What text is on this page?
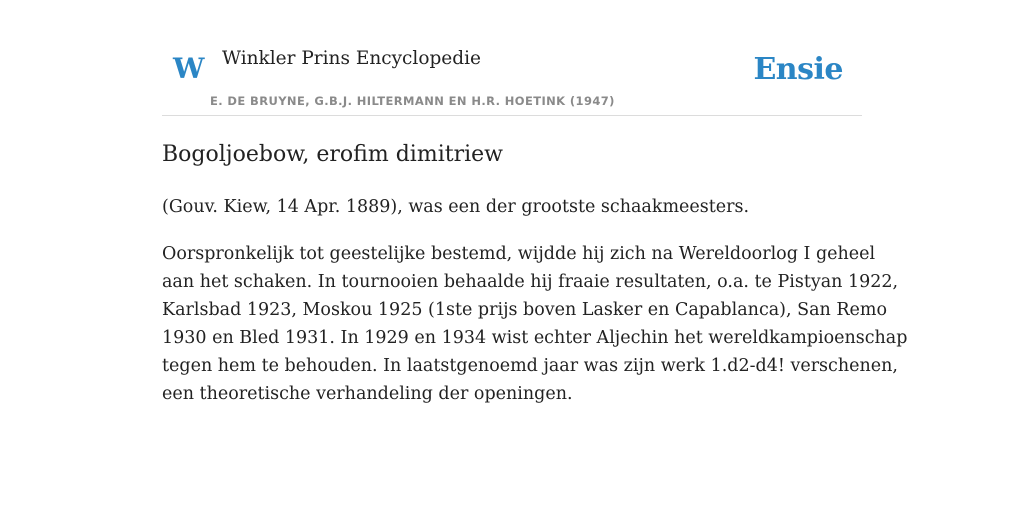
W Winkler Prins Encyclopedie
E. DE BRUYNE, G.B.J. HILTERMANN EN H.R. HOETINK (1947)
Ensie
Bogoljoebow, erofim dimitriew

(Gouv. Kiew, 14 Apr. 1889), was een der grootste schaakmeesters.

Oorspronkelijk tot geestelijke bestemd, wijdde hij zich na Wereldoorlog I geheel
aan het schaken. In tournooien behaalde hij fraaie resultaten, o.a. te Pistyan 1922,
Karlsbad 1923, Moskou 1925 (1ste prijs boven Lasker en Capablanca), San Remo
1930 en Bled 1931. In 1929 en 1934 wist echter Aljechin het wereldkampioenschap
tegen hem te behouden. In laatstgenoemd jaar was zijn werk 1.d2-d4! verschenen,
een theoretische verhandeling der openingen.
